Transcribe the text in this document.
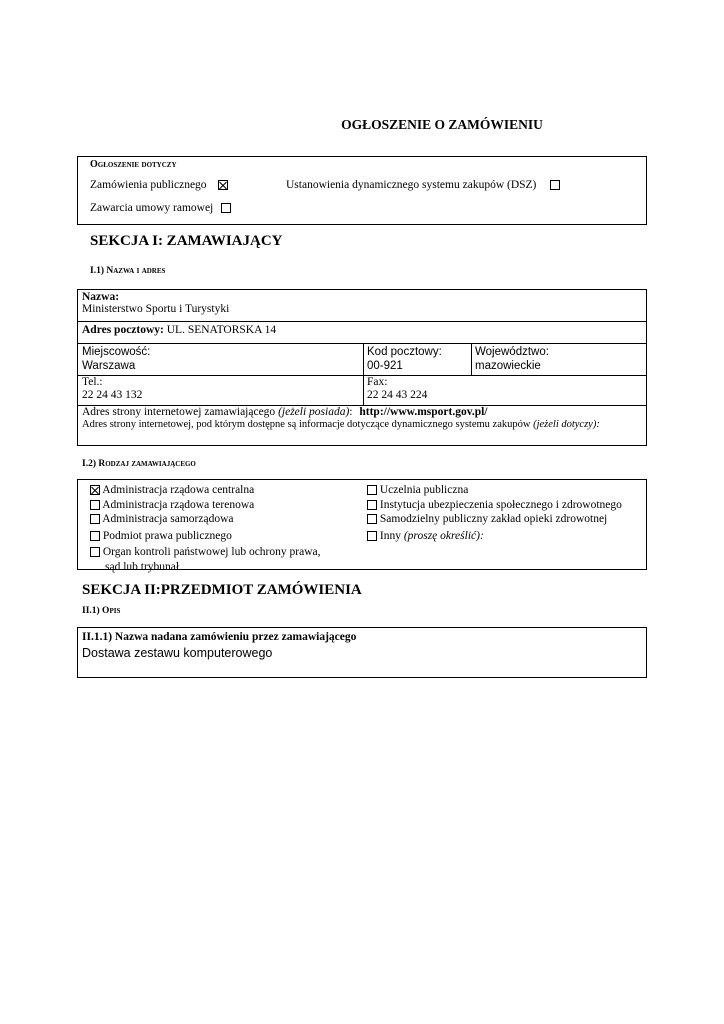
OGŁOSZENIE O ZAMÓWIENIU
Ogłoszenie dotyczy
Zamówienia publicznego	Ustanowienia dynamicznego systemu zakupów (DSZ)
Zawarcia umowy ramowej
SEKCJA I: ZAMAWIAJĄCY
I.1) Nazwa i adres
Nazwa:
Ministerstwo Sportu i Turystyki
Adres pocztowy: UL. SENATORSKA 14
Miejscowość:
Warszawa
Kod pocztowy:
00-921
Województwo:
mazowieckie
Tel.:
22 24 43 132
Fax:
22 24 43 224
Adres strony internetowej zamawiającego (jeżeli posiada): http://www.msport.gov.pl/
Adres strony internetowej, pod którym dostępne są informacje dotyczące dynamicznego systemu zakupów (jeżeli dotyczy):
I.2) Rodzaj zamawiającego
Administracja rządowa centralna
Administracja rządowa terenowa
Administracja samorządowa
Podmiot prawa publicznego
Organ kontroli państwowej lub ochrony prawa,
sąd lub trybunał
Uczelnia publiczna
Instytucja ubezpieczenia społecznego i zdrowotnego
Samodzielny publiczny zakład opieki zdrowotnej
Inny (proszę określić):
SEKCJA II:PRZEDMIOT ZAMÓWIENIA
II.1) Opis
II.1.1) Nazwa nadana zamówieniu przez zamawiającego
Dostawa zestawu komputerowego
